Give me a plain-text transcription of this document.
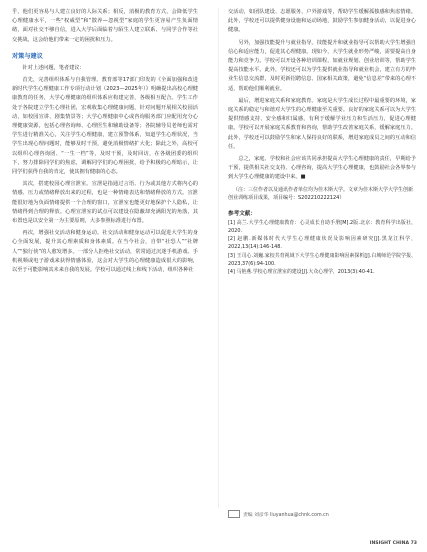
乎，他们更容易与人建立良好的人际关系；相反，消极的教育方式，会降低学生心理健康水平，一些“权威型”和“散养—忽视型”家庭的学生更容易产生负面情绪，面对社交不够自信，进入大学后面临着与陌生人建立联系、与同学合作等社交挑战，这会给他们带来一定的困扰和压力。

对策与建议

针对上述问题，笔者建议：

首先，完善组织体系与自我管理。教育部等17部门印发的《全面加强和改进新时代学生心理健康工作专项行动计划（2023—2025年）》明确提出高校心理健康教育的任务，大学心理健康的组织体系应构建完善，各级相互配合。学生工作处于各院建立学生心理社团，宏观收集心理健康问题，针对问题开展相关校园活动，如校园宣讲、剧集情景等；大学心理健康中心或咨询服务部门应配用充分心理健康资源，包括心理咨询师、心理医生和辅助设备等；各院辅导员老师也需对学生进行精准关心，关注学生心理健康，建立预警体系，知道学生心理状况，当学生出现心理问题时，能够及时干预，避免消极情绪扩大化；除此之外，高校可以组织心理咨询团、“一生一档”等，及时干预，及时回访，在各级团委的组织下，努力排除同学们的焦虑，调解同学们的心理困扰，给予积极的心理暗示，让同学们获得自我的肯定，使其拥有健康的心态。

其次，搭建校园心理宣泄室。宣泄是指通过言语、行为或其他方式将内心的情感、压力或情绪释放出来的过程，也是一种情绪表达和情绪释放的方式。宣泄能很好地为负面情绪提供一个合理的窗口，宣泄室也能更好地保护个人隐私，让情绪得到合理的释放。心理宣泄室的试点可以建设在隐蔽却充满阳光的角落，其布置也是以安全第一为主要原则，大多参照标准进行布置。

再次，增强社交活动和健身运动。社交活动和健身运动可以促进大学生的身心全面发展，提升其心理素质和身体素质。在当今社会，自带“社恐人”“社牌人”“独行侠”的人愈发增多。一部分人拒绝社交活动，常常通过沉迷手机游戏、手机视频或电子游戏来获得情感体验，这会对大学生的心理健康造成很大的影响，以至于可能影响其未来自我的发展。学校可以通过线上和线下活动，组织各种社

交活动，如团队建设、志愿服务、户外游戏等，帮助学生缓解孤独感和焦虑情绪。此外，学校还可以提供健身设施和运动场地，鼓励学生参加健身活动，以促进身心健康。

另外，加强技能提升与就业指导。技能提升和就业指导可以帮助大学生增强自信心和适应能力，促进其心理健康。现如今，大学生就业形势严峻，需要提高自身能力和竞争力。学校可以开设各种培训课程，如就业规划、创业培训等，帮助学生提高技能水平。此外，学校还可以为学生提供就业指导和就业机会，建立有方的毕业生信息交流群，及时更新招聘信息、国家相关政策，避免“信息差”带来的心理不适，帮助他们顺利就业。

最后，增进家庭关系和家庭教育。家庭是大学生成长过程中最重要的环境，家庭关系的稳定与和谐对大学生的心理健康至关重要。良好的家庭关系可以为大学生提供情感支持、安全感和归属感，有利于缓解学业压力和生活压力，促进心理健康。学校可以开展家庭关系教育和咨询，帮助学生改善家庭关系，缓解家庭压力。此外，学校还可以鼓励学生和家人保持良好的联系，增进家庭成员之间的互动和信任。

总之，家庭、学校和社会应该共同承担提高大学生心理健康的责任，早期给予干预，提供相关社交支持、心理咨询，提高大学生心理健康，也鼓励社会各界参与到大学生心理健康的建设中来。■

（注：三位作者以及通讯作者单位均为佳木斯大学。文章为佳木斯大学大学生创新创业训练项目成果，项目编号：S202210222124）
参考文献：
[1] 高兰.大学生心理健康教育：心灵成长自助手册[M].2版.北京：教育科学出版社，2020.
[2] 赵鹏.新媒体时代大学生心理健康状况及影响因素研究[J].黑龙江科学，2022,13(14):146-148.
[3] 王司心.刘巍.家校共育视域下大学生心理健康影响因素探析[J].白城师范学院学报，2023,37(6):94-100.
[4] 马艳燕.学校心理宣泄室的建设[J].大众心理学，2013(3):40-41.
责编 刘彦华 liuyanhua@chnk.com.cn
INSIGHT CHINA 73
